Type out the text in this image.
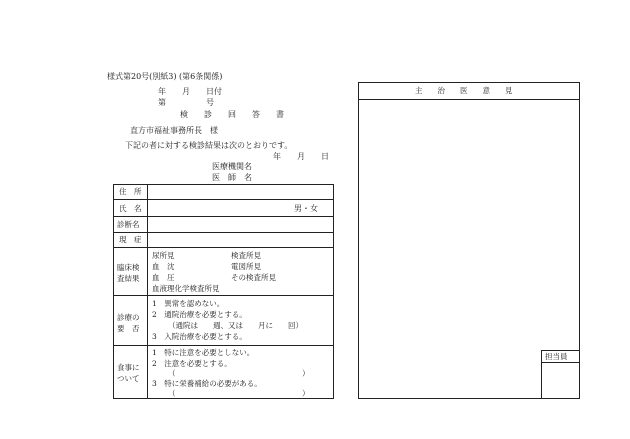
様式第20号(別紙3) (第6条関係)
年　　月　　日付
第　　　　　号
検　　診　　回　　答　　書
直方市福祉事務所長　様
下記の者に対する検診結果は次のとおりです。
年　　月　　日
医療機関名
医　師　名
住　所
氏　名	男・女
診断名
現　症
臨床検
査結果
尿所見	検査所見
血　沈	電図所見
血　圧	その検査所見
血液理化学検査所見
診療の
要　否
1　異常を認めない。
2　通院治療を必要とする。
（通院は　　週、又は　　月に　　回）
3　入院治療を必要とする。
食事に
ついて
1　特に注意を必要としない。
2　注意を必要とする。
（	）
3　特に栄養補給の必要がある。
（	）
主　　治　　医　　意　　見
担当員
